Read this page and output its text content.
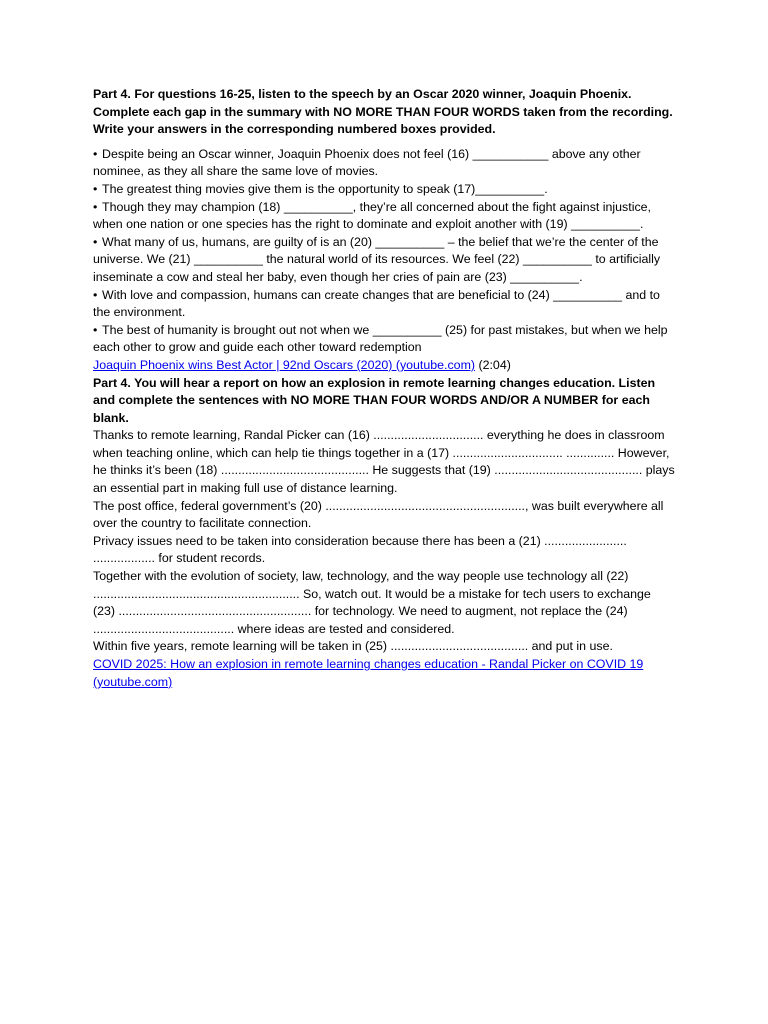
Part 4. For questions 16-25, listen to the speech by an Oscar 2020 winner, Joaquin Phoenix. Complete each gap in the summary with NO MORE THAN FOUR WORDS taken from the recording. Write your answers in the corresponding numbered boxes provided.

• Despite being an Oscar winner, Joaquin Phoenix does not feel (16) ___________ above any other nominee, as they all share the same love of movies.

• The greatest thing movies give them is the opportunity to speak (17)__________.

• Though they may champion (18) __________, they’re all concerned about the fight against injustice, when one nation or one species has the right to dominate and exploit another with (19) __________.

• What many of us, humans, are guilty of is an (20) __________ – the belief that we’re the center of the universe. We (21) __________ the natural world of its resources. We feel (22) __________ to artificially inseminate a cow and steal her baby, even though her cries of pain are (23) __________.

• With love and compassion, humans can create changes that are beneficial to (24) __________ and to the environment.

• The best of humanity is brought out not when we __________ (25) for past mistakes, but when we help each other to grow and guide each other toward redemption

Joaquin Phoenix wins Best Actor | 92nd Oscars (2020) (youtube.com) (2:04)

Part 4. You will hear a report on how an explosion in remote learning changes education. Listen and complete the sentences with NO MORE THAN FOUR WORDS AND/OR A NUMBER for each blank.

Thanks to remote learning, Randal Picker can (16) ................................ everything he does in classroom when teaching online, which can help tie things together in a (17) ................................ .............. However, he thinks it’s been (18) ........................................... He suggests that (19) ........................................... plays an essential part in making full use of distance learning.

The post office, federal government’s (20) .........................................................., was built everywhere all over the country to facilitate connection.

Privacy issues need to be taken into consideration because there has been a (21) ........................ .................. for student records.

Together with the evolution of society, law, technology, and the way people use technology all (22) ............................................................ So, watch out. It would be a mistake for tech users to exchange (23) ........................................................ for technology. We need to augment, not replace the (24) ......................................... where ideas are tested and considered.

Within five years, remote learning will be taken in (25) ........................................ and put in use.

COVID 2025: How an explosion in remote learning changes education - Randal Picker on COVID 19 (youtube.com)
